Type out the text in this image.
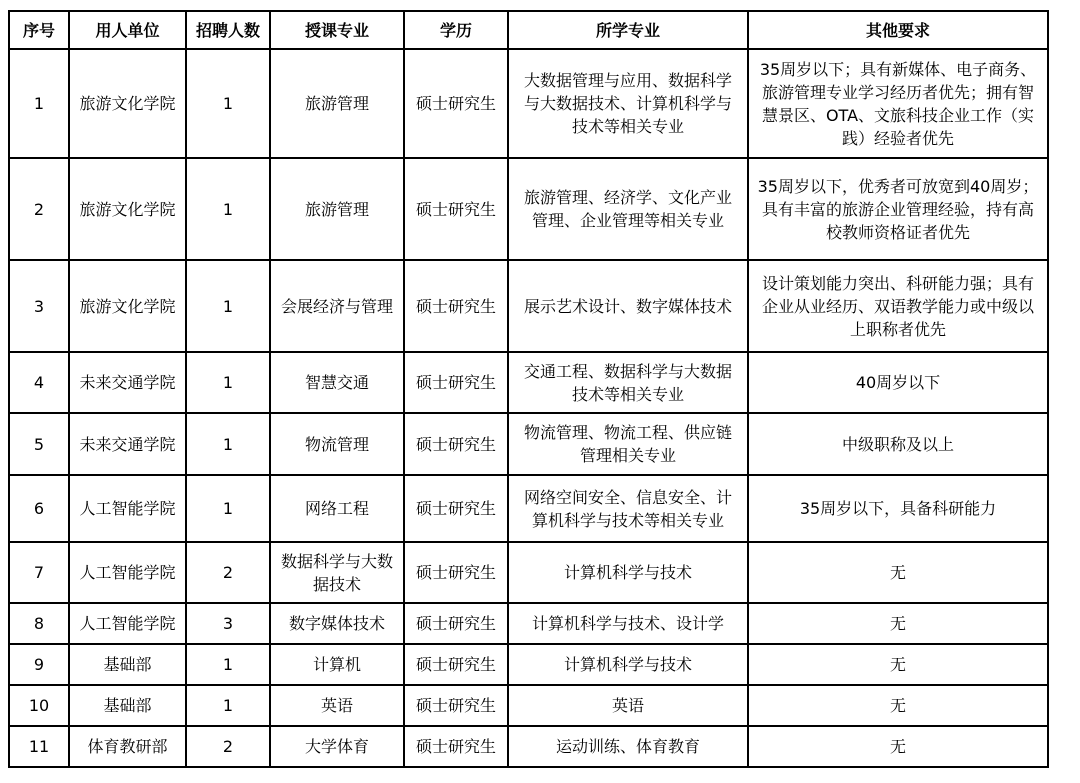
序号	用人单位	招聘人数	授课专业	学历	所学专业	其他要求
1	旅游文化学院	1	旅游管理	硕士研究生	大数据管理与应用、数据科学与大数据技术、计算机科学与技术等相关专业	35周岁以下；具有新媒体、电子商务、旅游管理专业学习经历者优先；拥有智慧景区、OTA、文旅科技企业工作（实践）经验者优先
2	旅游文化学院	1	旅游管理	硕士研究生	旅游管理、经济学、文化产业管理、企业管理等相关专业	35周岁以下，优秀者可放宽到40周岁；具有丰富的旅游企业管理经验，持有高校教师资格证者优先
3	旅游文化学院	1	会展经济与管理	硕士研究生	展示艺术设计、数字媒体技术	设计策划能力突出、科研能力强；具有企业从业经历、双语教学能力或中级以上职称者优先
4	未来交通学院	1	智慧交通	硕士研究生	交通工程、数据科学与大数据技术等相关专业	40周岁以下
5	未来交通学院	1	物流管理	硕士研究生	物流管理、物流工程、供应链管理相关专业	中级职称及以上
6	人工智能学院	1	网络工程	硕士研究生	网络空间安全、信息安全、计算机科学与技术等相关专业	35周岁以下，具备科研能力
7	人工智能学院	2	数据科学与大数据技术	硕士研究生	计算机科学与技术	无
8	人工智能学院	3	数字媒体技术	硕士研究生	计算机科学与技术、设计学	无
9	基础部	1	计算机	硕士研究生	计算机科学与技术	无
10	基础部	1	英语	硕士研究生	英语	无
11	体育教研部	2	大学体育	硕士研究生	运动训练、体育教育	无
